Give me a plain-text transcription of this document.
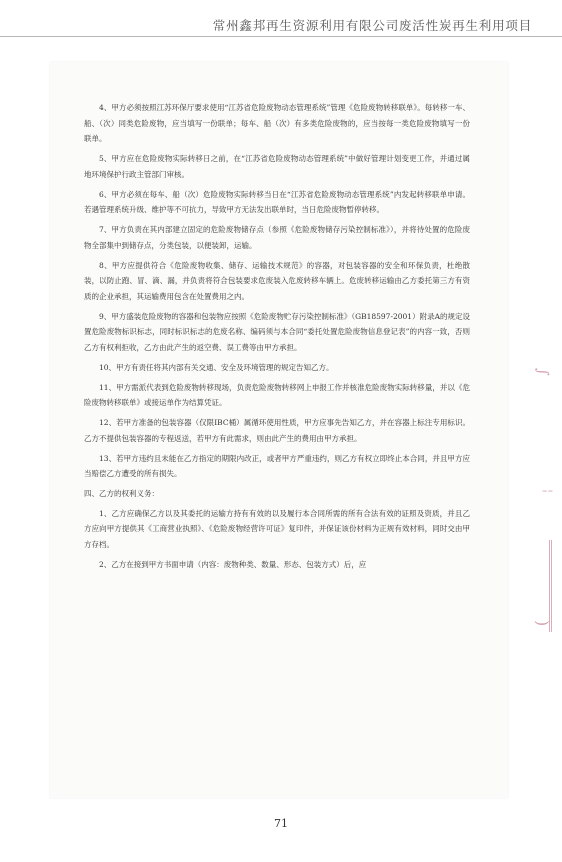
常州鑫邦再生资源利用有限公司废活性炭再生利用项目

4、甲方必须按照江苏环保厅要求使用“江苏省危险废物动态管理系统”管理《危险废物转移联单》。每转移一车、船、（次）同类危险废物，应当填写一份联单；每车、船（次）有多类危险废物的，应当按每一类危险废物填写一份联单。

5、甲方应在危险废物实际转移日之前，在“江苏省危险废物动态管理系统”中做好管理计划变更工作，并通过属地环境保护行政主管部门审核。

6、甲方必须在每车、船（次）危险废物实际转移当日在“江苏省危险废物动态管理系统”内发起转移联单申请。若遇管理系统升级、维护等不可抗力，导致甲方无法发出联单时，当日危险废物暂停转移。

7、甲方负责在其内部建立固定的危险废物储存点（参照《危险废物储存污染控制标准》），并将待处置的危险废物全部集中到储存点，分类包装，以便装卸，运输。

8、甲方应提供符合《危险废物收集、储存、运输技术规范》的容器，对包装容器的安全和环保负责，杜绝散装，以防止跑、冒、滴、漏，并负责将符合包装要求危废装入危废转移车辆上。危废转移运输由乙方委托第三方有资质的企业承担，其运输费用包含在处置费用之内。

9、甲方盛装危险废物的容器和包装物应按照《危险废物贮存污染控制标准》（GB18597-2001）附录A的规定设置危险废物标识标志，同时标识标志的危废名称、编码须与本合同“委托处置危险废物信息登记表”的内容一致，否则乙方有权利拒收，乙方由此产生的返空费、误工费等由甲方承担。

10、甲方有责任将其内部有关交通、安全及环境管理的规定告知乙方。

11、甲方需派代表到危险废物转移现场，负责危险废物转移网上申报工作并核准危险废物实际转移量，并以《危险废物转移联单》或接运单作为结算凭证。

12、若甲方准备的包装容器（仅限IBC桶）属循环使用性质，甲方应事先告知乙方，并在容器上标注专用标识。乙方不提供包装容器的专程返送，若甲方有此需求，则由此产生的费用由甲方承担。

13、若甲方违约且未能在乙方指定的期限内改正，或者甲方严重违约，则乙方有权立即终止本合同，并且甲方应当赔偿乙方遭受的所有损失。

四、乙方的权利义务：

1、乙方应确保乙方以及其委托的运输方持有有效的以及履行本合同所需的所有合法有效的证照及资质，并且乙方应向甲方提供其《工商营业执照》、《危险废物经营许可证》复印件，并保证该份材料为正规有效材料，同时交由甲方存档。

2、乙方在接到甲方书面申请（内容：废物种类、数量、形态、包装方式）后，应

∫
╎
)
71
